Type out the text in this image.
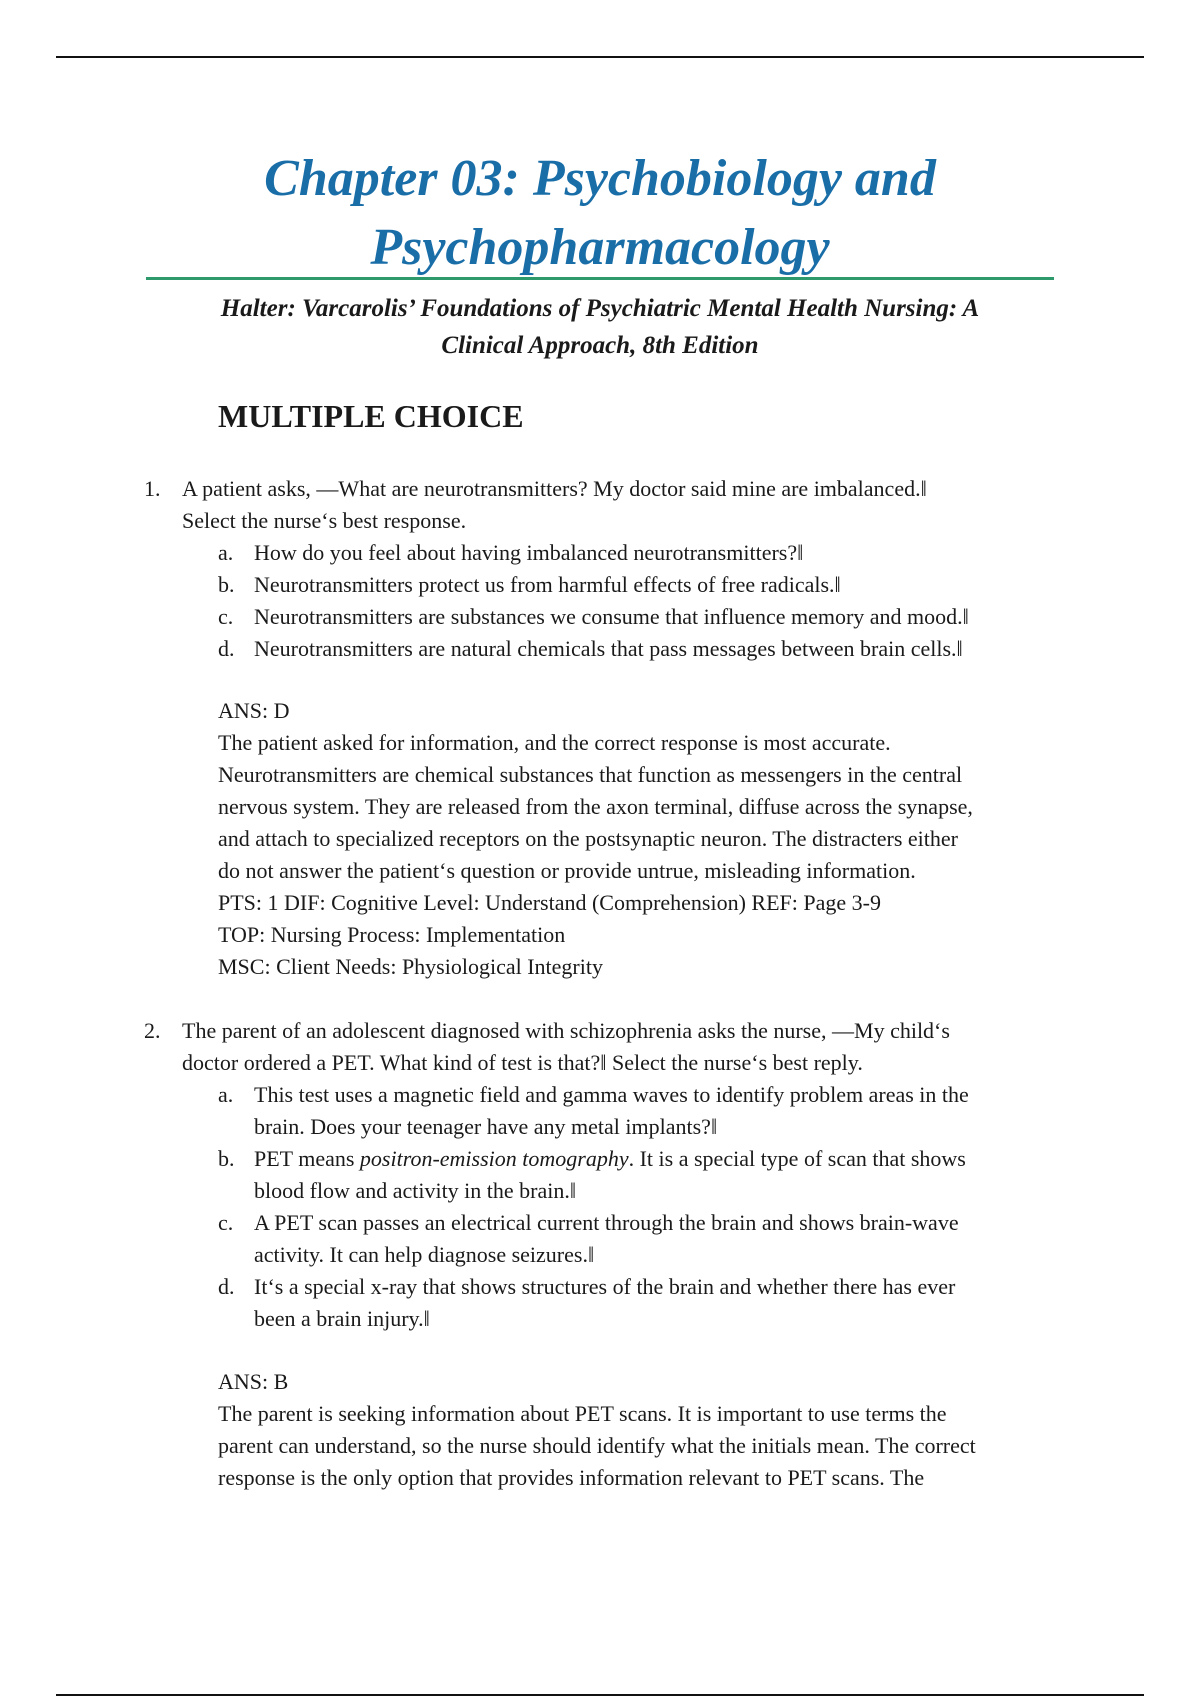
Chapter 03: Psychobiology and
Psychopharmacology

Halter: Varcarolis’ Foundations of Psychiatric Mental Health Nursing: A
Clinical Approach, 8th Edition

MULTIPLE CHOICE
1. A patient asks, ―What are neurotransmitters? My doctor said mine are imbalanced.‖
Select the nurse‘s best response.
a. How do you feel about having imbalanced neurotransmitters?‖
b. Neurotransmitters protect us from harmful effects of free radicals.‖
c. Neurotransmitters are substances we consume that influence memory and mood.‖
d. Neurotransmitters are natural chemicals that pass messages between brain cells.‖

ANS: D

The patient asked for information, and the correct response is most accurate.

Neurotransmitters are chemical substances that function as messengers in the central

nervous system. They are released from the axon terminal, diffuse across the synapse,

and attach to specialized receptors on the postsynaptic neuron. The distracters either

do not answer the patient‘s question or provide untrue, misleading information.

PTS: 1 DIF: Cognitive Level: Understand (Comprehension) REF: Page 3-9

TOP: Nursing Process: Implementation

MSC: Client Needs: Physiological Integrity

2. The parent of an adolescent diagnosed with schizophrenia asks the nurse, ―My child‘s
doctor ordered a PET. What kind of test is that?‖ Select the nurse‘s best reply.
a. This test uses a magnetic field and gamma waves to identify problem areas in the
brain. Does your teenager have any metal implants?‖
b. PET means positron-emission tomography. It is a special type of scan that shows
blood flow and activity in the brain.‖
c. A PET scan passes an electrical current through the brain and shows brain-wave
activity. It can help diagnose seizures.‖
d. It‘s a special x-ray that shows structures of the brain and whether there has ever
been a brain injury.‖

ANS: B

The parent is seeking information about PET scans. It is important to use terms the

parent can understand, so the nurse should identify what the initials mean. The correct

response is the only option that provides information relevant to PET scans. The
